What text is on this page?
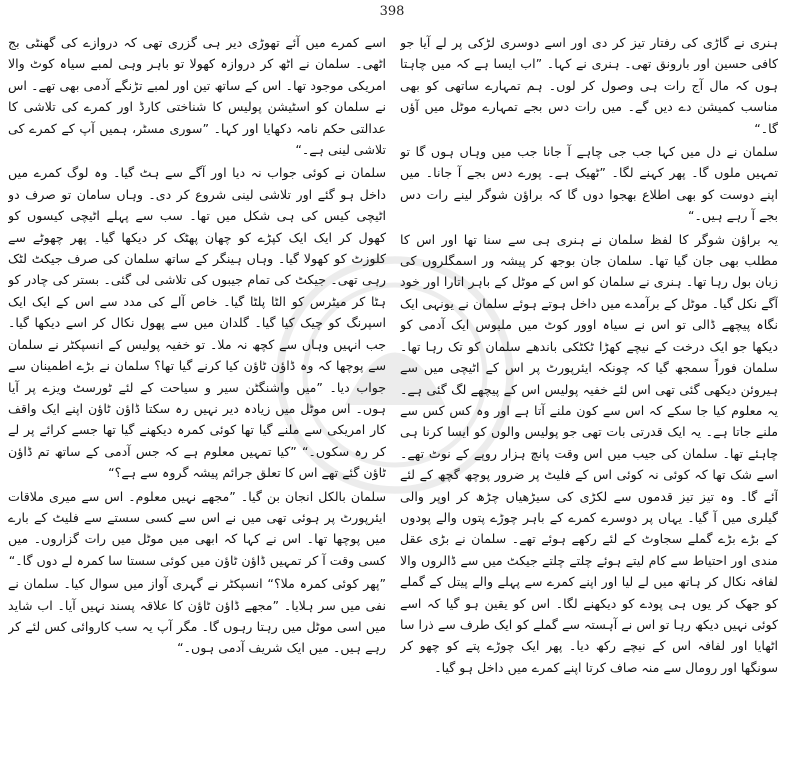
398

ہنری نے گاڑی کی رفتار تیز کر دی اور اسے دوسری لڑکی پر لے آیا جو کافی حسین اور بارونق تھی۔ ہنری نے کہا۔ ”اب ایسا ہے کہ میں چاہتا ہوں کہ مال آج رات ہی وصول کر لوں۔ ہم تمہارے ساتھی کو بھی مناسب کمیشن دے دیں گے۔ میں رات دس بجے تمہارے موٹل میں آؤں گا۔“

سلمان نے دل میں کہا جب جی چاہے آ جانا جب میں وہاں ہوں گا تو تمہیں ملوں گا۔ پھر کہنے لگا۔ ”ٹھیک ہے۔ پورے دس بجے آ جانا۔ میں اپنے دوست کو بھی اطلاع بھجوا دوں گا کہ براؤن شوگر لینے رات دس بجے آ رہے ہیں۔“

یہ براؤن شوگر کا لفظ سلمان نے ہنری ہی سے سنا تھا اور اس کا مطلب بھی جان گیا تھا۔ سلمان جان بوجھ کر پیشہ ور اسمگلروں کی زبان بول رہا تھا۔ ہنری نے سلمان کو اس کے موٹل کے باہر اتارا اور خود آگے نکل گیا۔ موٹل کے برآمدے میں داخل ہوتے ہوئے سلمان نے یونہی ایک نگاہ پیچھے ڈالی تو اس نے سیاہ اوور کوٹ میں ملبوس ایک آدمی کو دیکھا جو ایک درخت کے نیچے کھڑا ٹکٹکی باندھے سلمان کو تک رہا تھا۔ سلمان فوراً سمجھ گیا کہ چونکہ ایئرپورٹ پر اس کے اٹیچی میں سے ہیروئن دیکھی گئی تھی اس لئے خفیہ پولیس اس کے پیچھے لگ گئی ہے۔ یہ معلوم کیا جا سکے کہ اس سے کون ملنے آتا ہے اور وہ کس کس سے ملنے جاتا ہے۔ یہ ایک قدرتی بات تھی جو پولیس والوں کو ایسا کرنا ہی چاہئے تھا۔ سلمان کی جیب میں اس وقت پانچ ہزار روپے کے نوٹ تھے۔ اسے شک تھا کہ کوئی نہ کوئی اس کے فلیٹ پر ضرور پوچھ گچھ کے لئے آئے گا۔ وہ تیز تیز قدموں سے لکڑی کی سیڑھیاں چڑھ کر اوپر والی گیلری میں آ گیا۔ یہاں پر دوسرے کمرے کے باہر چوڑے پتوں والے پودوں کے بڑے بڑے گملے سجاوٹ کے لئے رکھے ہوئے تھے۔ سلمان نے بڑی عقل مندی اور احتیاط سے کام لیتے ہوئے چلتے چلتے جیکٹ میں سے ڈالروں والا لفافہ نکال کر ہاتھ میں لے لیا اور اپنے کمرے سے پہلے والے پیتل کے گملے کو جھک کر یوں ہی پودے کو دیکھنے لگا۔ اس کو یقین ہو گیا کہ اسے کوئی نہیں دیکھ رہا تو اس نے آہستہ سے گملے کو ایک طرف سے ذرا سا اٹھایا اور لفافہ اس کے نیچے رکھ دیا۔ پھر ایک چوڑے پتے کو چھو کر سونگھا اور رومال سے منہ صاف کرتا اپنے کمرے میں داخل ہو گیا۔

اسے کمرے میں آئے تھوڑی دیر ہی گزری تھی کہ دروازے کی گھنٹی بج اٹھی۔ سلمان نے اٹھ کر دروازہ کھولا تو باہر وہی لمبے سیاہ کوٹ والا امریکی موجود تھا۔ اس کے ساتھ تین اور لمبے تڑنگے آدمی بھی تھے۔ اس نے سلمان کو اسٹیشن پولیس کا شناختی کارڈ اور کمرے کی تلاشی کا عدالتی حکم نامہ دکھایا اور کہا۔ ”سوری مسٹر، ہمیں آپ کے کمرے کی تلاشی لینی ہے۔“

سلمان نے کوئی جواب نہ دیا اور آگے سے ہٹ گیا۔ وہ لوگ کمرے میں داخل ہو گئے اور تلاشی لینی شروع کر دی۔ وہاں سامان تو صرف دو اٹیچی کیس کی ہی شکل میں تھا۔ سب سے پہلے اٹیچی کیسوں کو کھول کر ایک ایک کپڑے کو چھان پھٹک کر دیکھا گیا۔ پھر چھوٹے سے کلوزٹ کو کھولا گیا۔ وہاں ہینگر کے ساتھ سلمان کی صرف جیکٹ لٹک رہی تھی۔ جیکٹ کی تمام جیبوں کی تلاشی لی گئی۔ بستر کی چادر کو ہٹا کر میٹرس کو الٹا پلٹا گیا۔ خاص آلے کی مدد سے اس کے ایک ایک اسپرنگ کو چیک کیا گیا۔ گلدان میں سے پھول نکال کر اسے دیکھا گیا۔ جب انہیں وہاں سے کچھ نہ ملا۔ تو خفیہ پولیس کے انسپکٹر نے سلمان سے پوچھا کہ وہ ڈاؤن ٹاؤن کیا کرنے گیا تھا؟ سلمان نے بڑے اطمینان سے جواب دیا۔ ”میں واشنگٹن سیر و سیاحت کے لئے ٹورسٹ ویزے پر آیا ہوں۔ اس موٹل میں زیادہ دیر نہیں رہ سکتا ڈاؤن ٹاؤن اپنے ایک واقف کار امریکی سے ملنے گیا تھا کوئی کمرہ دیکھنے گیا تھا جسے کرائے پر لے کر رہ سکوں۔“ ”کیا تمہیں معلوم ہے کہ جس آدمی کے ساتھ تم ڈاؤن ٹاؤن گئے تھے اس کا تعلق جرائم پیشہ گروہ سے ہے؟“

سلمان بالکل انجان بن گیا۔ ”مجھے نہیں معلوم۔ اس سے میری ملاقات ایئرپورٹ پر ہوئی تھی میں نے اس سے کسی سستے سے فلیٹ کے بارے میں پوچھا تھا۔ اس نے کہا کہ ابھی میں موٹل میں رات گزاروں۔ میں کسی وقت آ کر تمہیں ڈاؤن ٹاؤن میں کوئی سستا سا کمرہ لے دوں گا۔“

”پھر کوئی کمرہ ملا؟“ انسپکٹر نے گہری آواز میں سوال کیا۔ سلمان نے نفی میں سر ہلایا۔ ”مجھے ڈاؤن ٹاؤن کا علاقہ پسند نہیں آیا۔ اب شاید میں اسی موٹل میں رہتا رہوں گا۔ مگر آپ یہ سب کاروائی کس لئے کر رہے ہیں۔ میں ایک شریف آدمی ہوں۔“
